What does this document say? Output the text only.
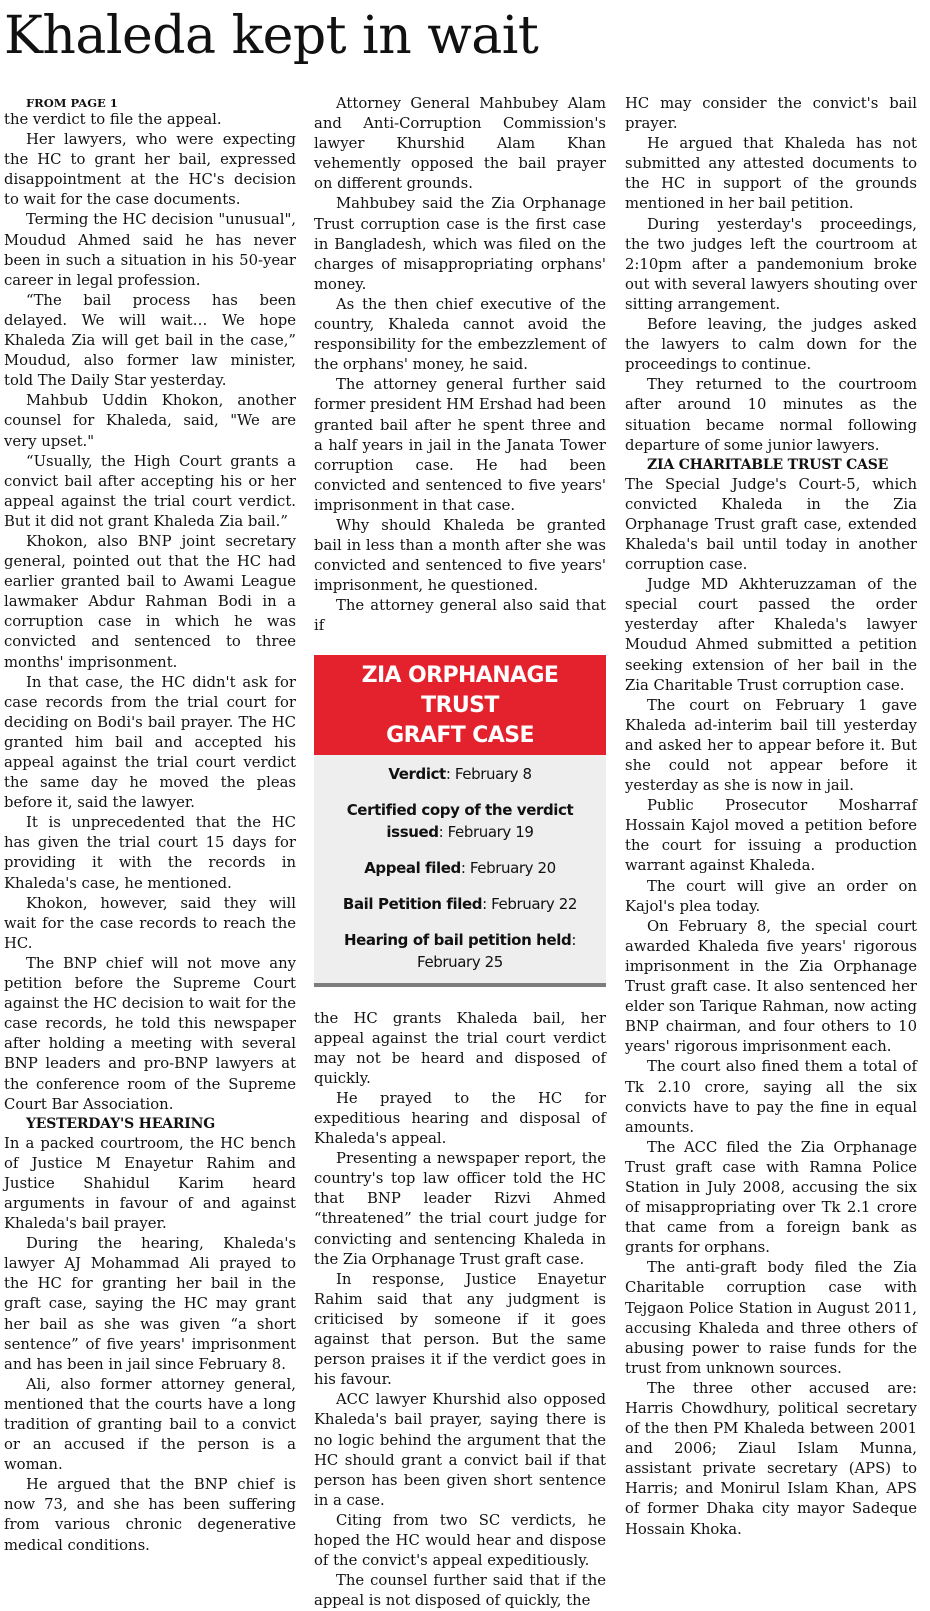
Khaleda kept in wait

FROM PAGE 1

the verdict to file the appeal.

Her lawyers, who were expecting the HC to grant her bail, expressed disappointment at the HC's decision to wait for the case documents.

Terming the HC decision "unusual", Moudud Ahmed said he has never been in such a situation in his 50-year career in legal profession.

“The bail process has been delayed. We will wait… We hope Khaleda Zia will get bail in the case,” Moudud, also former law minister, told The Daily Star yesterday.

Mahbub Uddin Khokon, another counsel for Khaleda, said, "We are very upset."

“Usually, the High Court grants a convict bail after accepting his or her appeal against the trial court verdict. But it did not grant Khaleda Zia bail.”

Khokon, also BNP joint secretary general, pointed out that the HC had earlier granted bail to Awami League lawmaker Abdur Rahman Bodi in a corruption case in which he was convicted and sentenced to three months' imprisonment.

In that case, the HC didn't ask for case records from the trial court for deciding on Bodi's bail prayer. The HC granted him bail and accepted his appeal against the trial court verdict the same day he moved the pleas before it, said the lawyer.

It is unprecedented that the HC has given the trial court 15 days for providing it with the records in Khaleda's case, he mentioned.

Khokon, however, said they will wait for the case records to reach the HC.

The BNP chief will not move any petition before the Supreme Court against the HC decision to wait for the case records, he told this newspaper after holding a meeting with several BNP leaders and pro-BNP lawyers at the conference room of the Supreme Court Bar Association.

YESTERDAY'S HEARING

In a packed courtroom, the HC bench of Justice M Enayetur Rahim and Justice Shahidul Karim heard arguments in favour of and against Khaleda's bail prayer.

During the hearing, Khaleda's lawyer AJ Mohammad Ali prayed to the HC for granting her bail in the graft case, saying the HC may grant her bail as she was given “a short sentence” of five years' imprisonment and has been in jail since February 8.

Ali, also former attorney general, mentioned that the courts have a long tradition of granting bail to a convict or an accused if the person is a woman.

He argued that the BNP chief is now 73, and she has been suffering from various chronic degenerative medical conditions.

Attorney General Mahbubey Alam and Anti-Corruption Commission's lawyer Khurshid Alam Khan vehemently opposed the bail prayer on different grounds.

Mahbubey said the Zia Orphanage Trust corruption case is the first case in Bangladesh, which was filed on the charges of misappropriating orphans' money.

As the then chief executive of the country, Khaleda cannot avoid the responsibility for the embezzlement of the orphans' money, he said.

The attorney general further said former president HM Ershad had been granted bail after he spent three and a half years in jail in the Janata Tower corruption case. He had been convicted and sentenced to five years' imprisonment in that case.

Why should Khaleda be granted bail in less than a month after she was convicted and sentenced to five years' imprisonment, he questioned.

The attorney general also said that if

ZIA ORPHANAGE TRUST
GRAFT CASE
Verdict: February 8
Certified copy of the verdict issued: February 19
Appeal filed: February 20
Bail Petition filed: February 22
Hearing of bail petition held: February 25

the HC grants Khaleda bail, her appeal against the trial court verdict may not be heard and disposed of quickly.

He prayed to the HC for expeditious hearing and disposal of Khaleda's appeal.

Presenting a newspaper report, the country's top law officer told the HC that BNP leader Rizvi Ahmed “threatened” the trial court judge for convicting and sentencing Khaleda in the Zia Orphanage Trust graft case.

In response, Justice Enayetur Rahim said that any judgment is criticised by someone if it goes against that person. But the same person praises it if the verdict goes in his favour.

ACC lawyer Khurshid also opposed Khaleda's bail prayer, saying there is no logic behind the argument that the HC should grant a convict bail if that person has been given short sentence in a case.

Citing from two SC verdicts, he hoped the HC would hear and dispose of the convict's appeal expeditiously.

The counsel further said that if the appeal is not disposed of quickly, the

HC may consider the convict's bail prayer.

He argued that Khaleda has not submitted any attested documents to the HC in support of the grounds mentioned in her bail petition.

During yesterday's proceedings, the two judges left the courtroom at 2:10pm after a pandemonium broke out with several lawyers shouting over sitting arrangement.

Before leaving, the judges asked the lawyers to calm down for the proceedings to continue.

They returned to the courtroom after around 10 minutes as the situation became normal following departure of some junior lawyers.

ZIA CHARITABLE TRUST CASE

The Special Judge's Court-5, which convicted Khaleda in the Zia Orphanage Trust graft case, extended Khaleda's bail until today in another corruption case.

Judge MD Akhteruzzaman of the special court passed the order yesterday after Khaleda's lawyer Moudud Ahmed submitted a petition seeking extension of her bail in the Zia Charitable Trust corruption case.

The court on February 1 gave Khaleda ad-interim bail till yesterday and asked her to appear before it. But she could not appear before it yesterday as she is now in jail.

Public Prosecutor Mosharraf Hossain Kajol moved a petition before the court for issuing a production warrant against Khaleda.

The court will give an order on Kajol's plea today.

On February 8, the special court awarded Khaleda five years' rigorous imprisonment in the Zia Orphanage Trust graft case. It also sentenced her elder son Tarique Rahman, now acting BNP chairman, and four others to 10 years' rigorous imprisonment each.

The court also fined them a total of Tk 2.10 crore, saying all the six convicts have to pay the fine in equal amounts.

The ACC filed the Zia Orphanage Trust graft case with Ramna Police Station in July 2008, accusing the six of misappropriating over Tk 2.1 crore that came from a foreign bank as grants for orphans.

The anti-graft body filed the Zia Charitable corruption case with Tejgaon Police Station in August 2011, accusing Khaleda and three others of abusing power to raise funds for the trust from unknown sources.

The three other accused are: Harris Chowdhury, political secretary of the then PM Khaleda between 2001 and 2006; Ziaul Islam Munna, assistant private secretary (APS) to Harris; and Monirul Islam Khan, APS of former Dhaka city mayor Sadeque Hossain Khoka.
